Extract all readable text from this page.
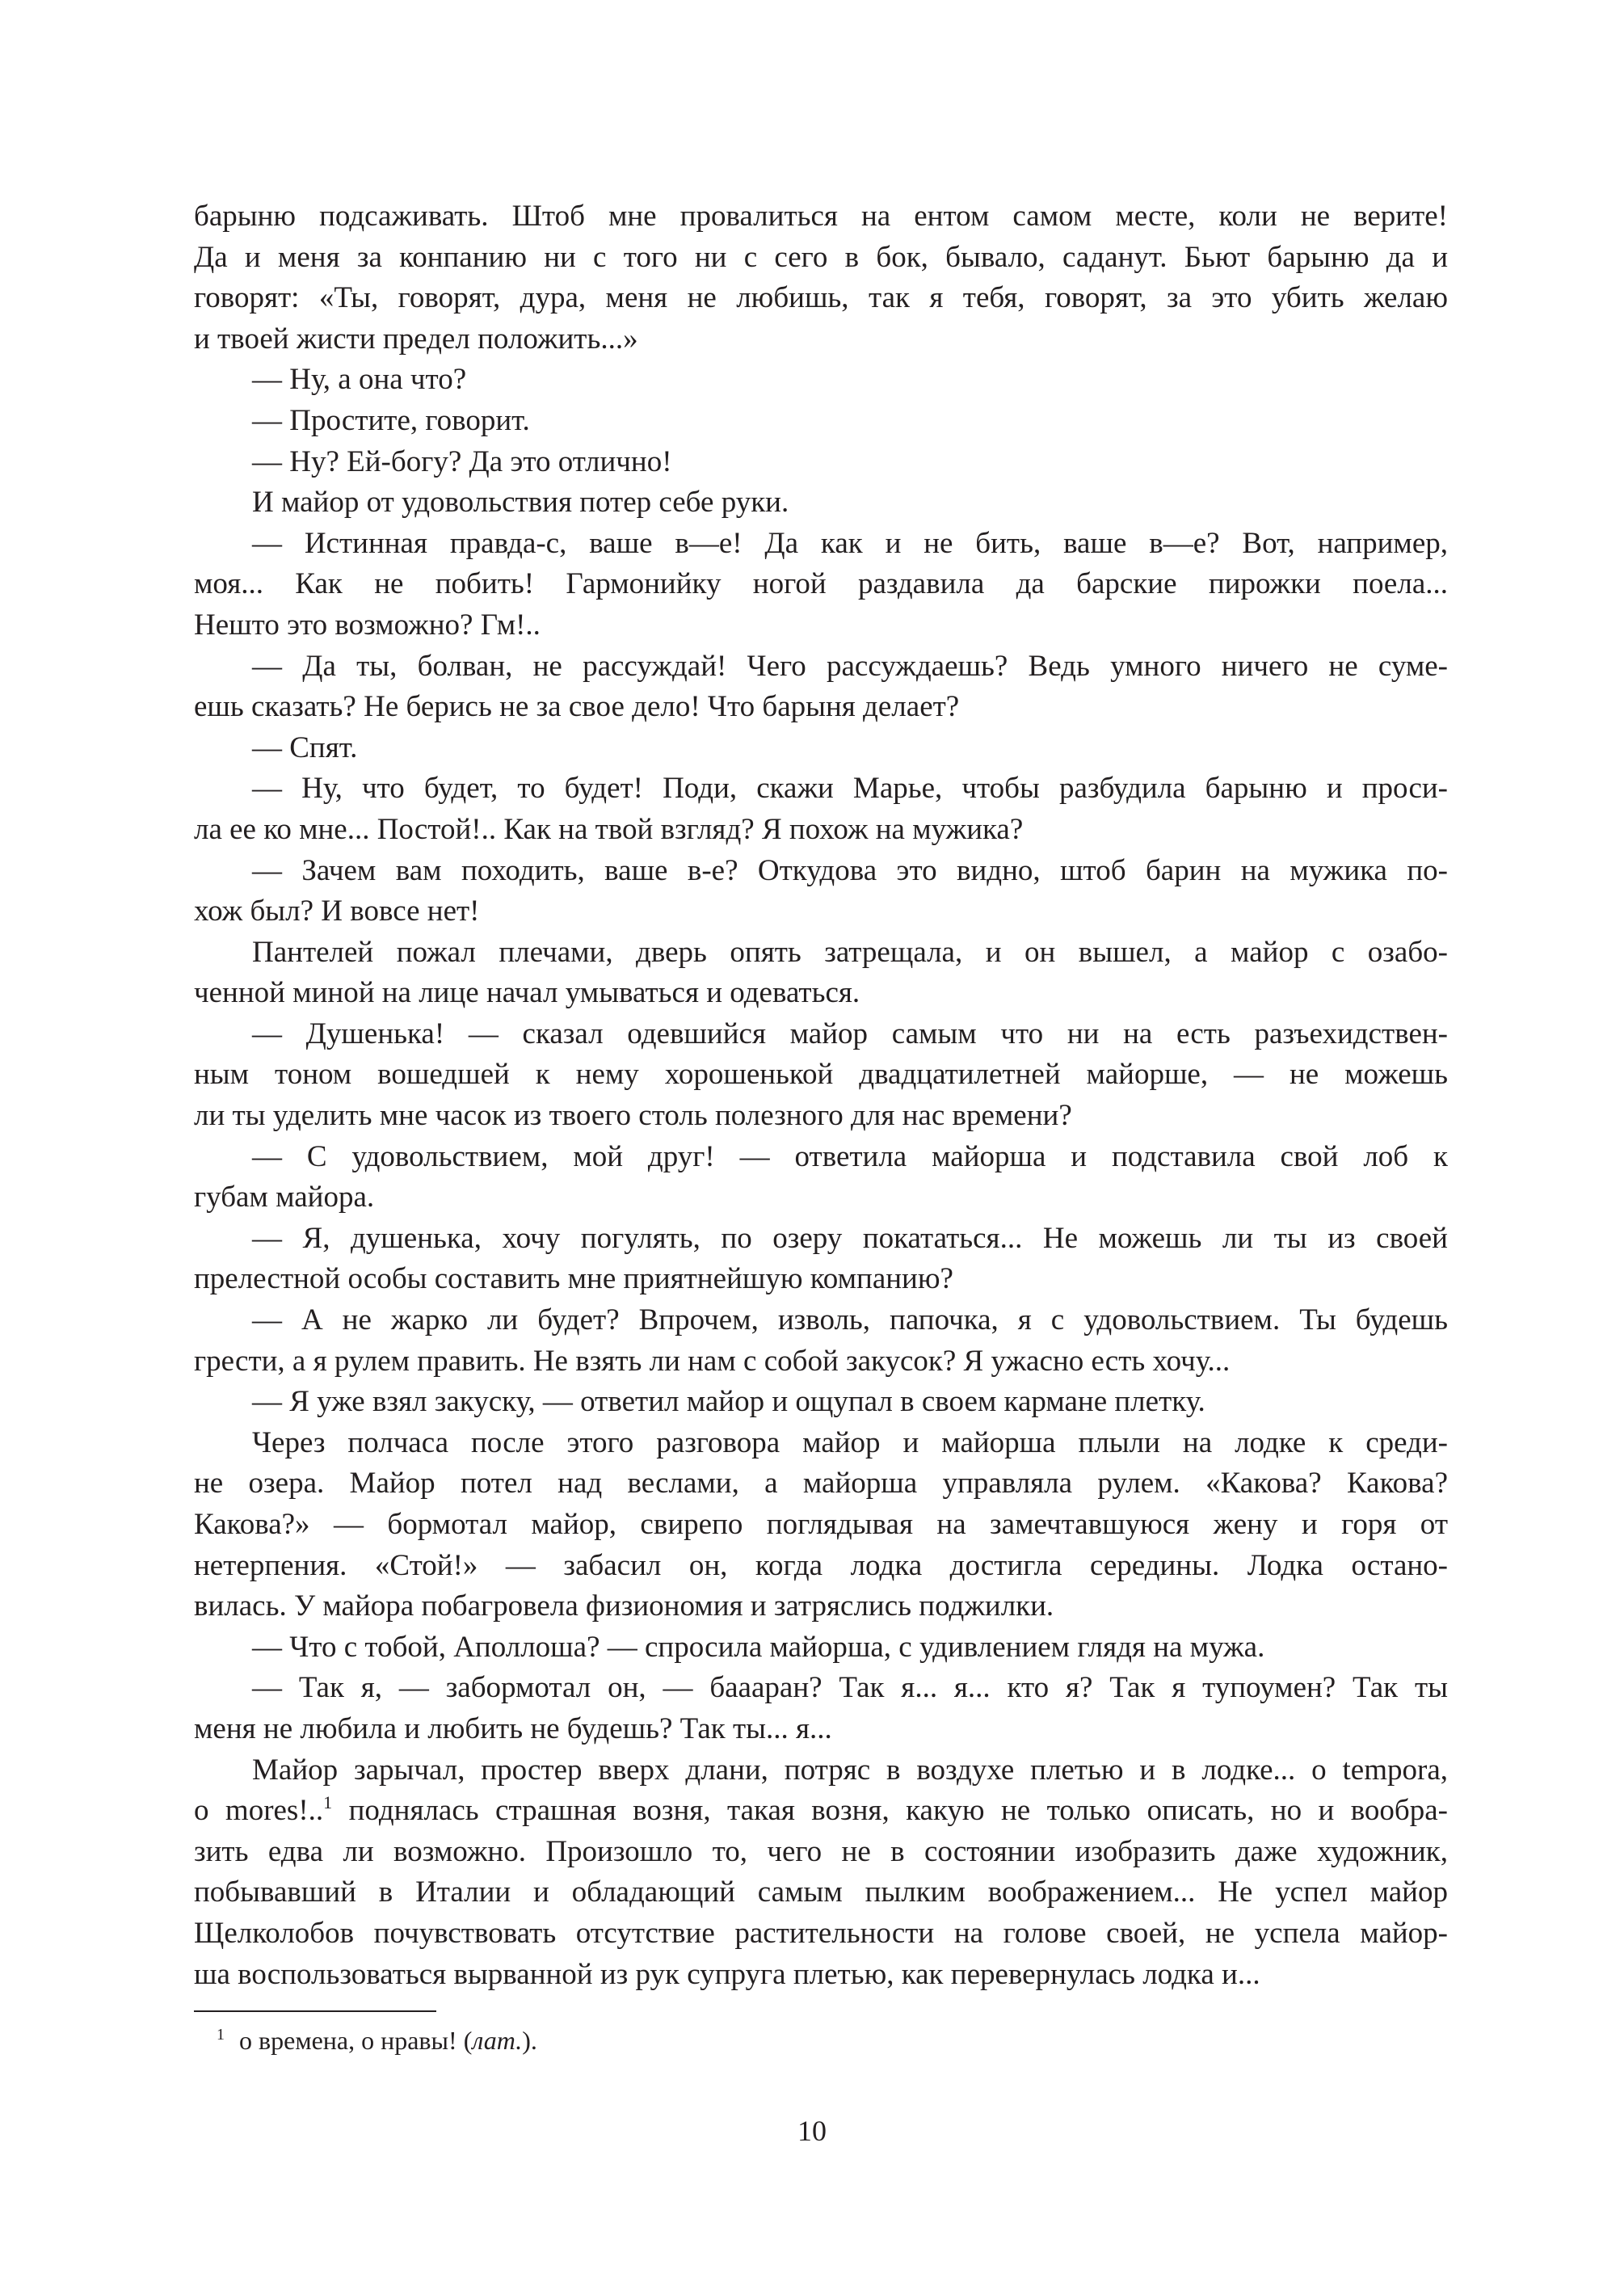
барыню подсаживать. Штоб мне провалиться на ентом самом месте, коли не верите!
Да и меня за конпанию ни с того ни с сего в бок, бывало, саданут. Бьют барыню да и
говорят: «Ты, говорят, дура, меня не любишь, так я тебя, говорят, за это убить желаю
и твоей жисти предел положить...»
— Ну, а она что?
— Простите, говорит.
— Ну? Ей-богу? Да это отлично!
И майор от удовольствия потер себе руки.
— Истинная правда-с, ваше в—е! Да как и не бить, ваше в—е? Вот, например,
моя... Как не побить! Гармонийку ногой раздавила да барские пирожки поела...
Нешто это возможно? Гм!..
— Да ты, болван, не рассуждай! Чего рассуждаешь? Ведь умного ничего не суме-
ешь сказать? Не берись не за свое дело! Что барыня делает?
— Спят.
— Ну, что будет, то будет! Поди, скажи Марье, чтобы разбудила барыню и проси-
ла ее ко мне... Постой!.. Как на твой взгляд? Я похож на мужика?
— Зачем вам походить, ваше в-е? Откудова это видно, штоб барин на мужика по-
хож был? И вовсе нет!
Пантелей пожал плечами, дверь опять затрещала, и он вышел, а майор с озабо-
ченной миной на лице начал умываться и одеваться.
— Душенька! — сказал одевшийся майор самым что ни на есть разъехидствен-
ным тоном вошедшей к нему хорошенькой двадцатилетней майорше, — не можешь
ли ты уделить мне часок из твоего столь полезного для нас времени?
— С удовольствием, мой друг! — ответила майорша и подставила свой лоб к
губам майора.
— Я, душенька, хочу погулять, по озеру покататься... Не можешь ли ты из своей
прелестной особы составить мне приятнейшую компанию?
— А не жарко ли будет? Впрочем, изволь, папочка, я с удовольствием. Ты будешь
грести, а я рулем править. Не взять ли нам с собой закусок? Я ужасно есть хочу...
— Я уже взял закуску, — ответил майор и ощупал в своем кармане плетку.
Через полчаса после этого разговора майор и майорша плыли на лодке к среди-
не озера. Майор потел над веслами, а майорша управляла рулем. «Какова? Какова?
Какова?» — бормотал майор, свирепо поглядывая на замечтавшуюся жену и горя от
нетерпения. «Стой!» — забасил он, когда лодка достигла середины. Лодка остано-
вилась. У майора побагровела физиономия и затряслись поджилки.
— Что с тобой, Аполлоша? — спросила майорша, с удивлением глядя на мужа.
— Так я, — забормотал он, — баааран? Так я... я... кто я? Так я тупоумен? Так ты
меня не любила и любить не будешь? Так ты... я...
Майор зарычал, простер вверх длани, потряс в воздухе плетью и в лодке... o tempora,
o mores!..$^1$ поднялась страшная возня, такая возня, какую не только описать, но и вообра-
зить едва ли возможно. Произошло то, чего не в состоянии изобразить даже художник,
побывавший в Италии и обладающий самым пылким воображением... Не успел майор
Щелколобов почувствовать отсутствие растительности на голове своей, не успела майор-
ша воспользоваться вырванной из рук супруга плетью, как перевернулась лодка и...
$^1$ о времена, о нравы! (лат.).
10
